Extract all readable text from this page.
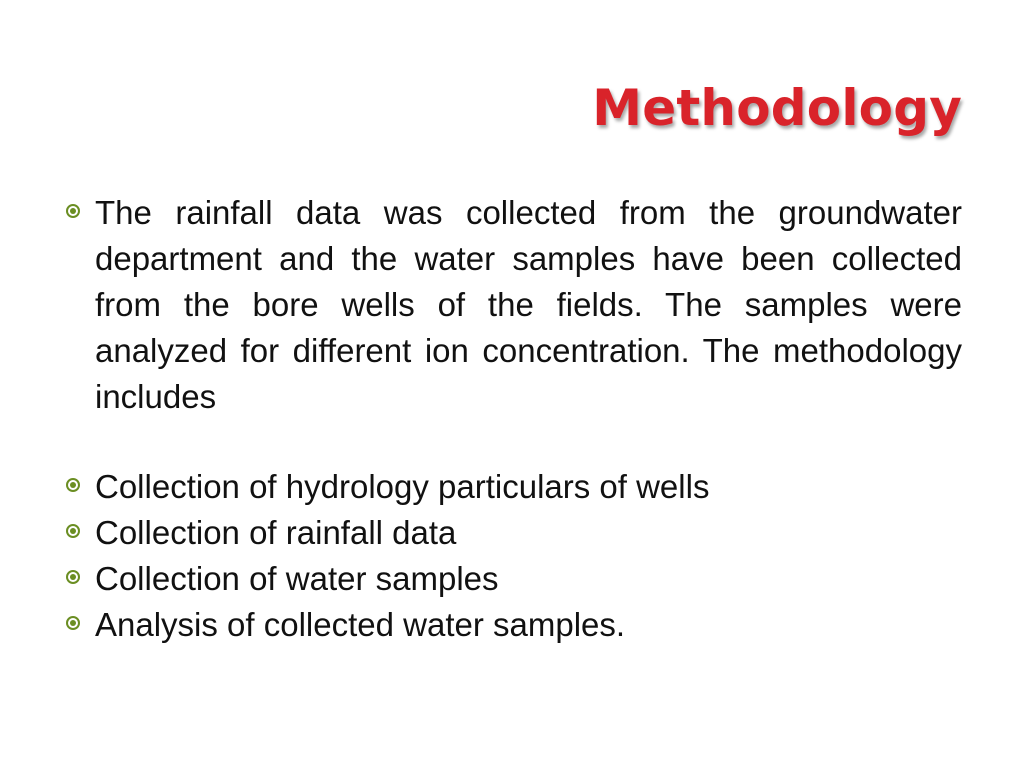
Methodology
The rainfall data was collected from the groundwater department and the water samples have been collected from the bore wells of the fields. The samples were analyzed for different ion concentration. The methodology includes
Collection of hydrology particulars of wells
Collection of rainfall data
Collection of water samples
Analysis of collected water samples.
